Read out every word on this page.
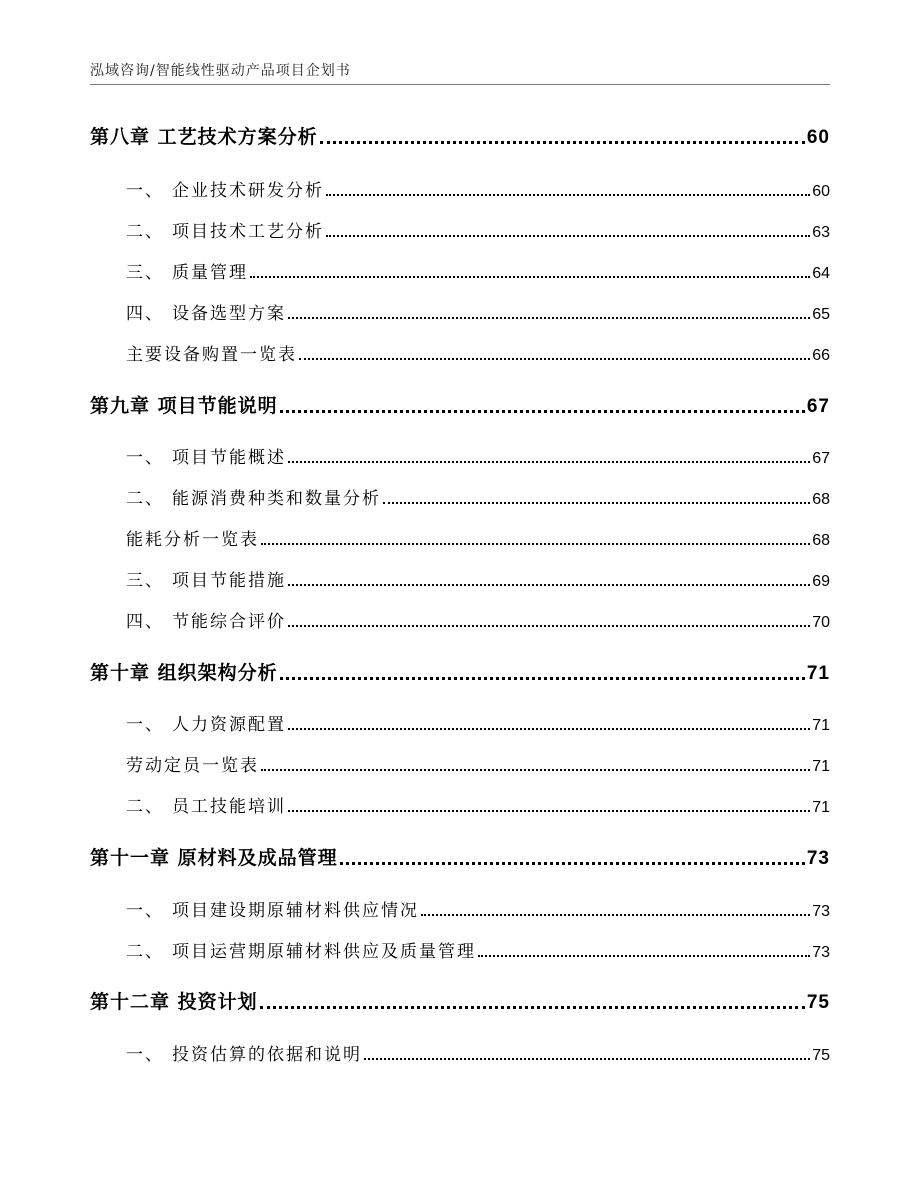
泓域咨询/智能线性驱动产品项目企划书
第八章 工艺技术方案分析	60
一、 企业技术研发分析	60
二、 项目技术工艺分析	63
三、 质量管理	64
四、 设备选型方案	65
主要设备购置一览表	66
第九章 项目节能说明	67
一、 项目节能概述	67
二、 能源消费种类和数量分析	68
能耗分析一览表	68
三、 项目节能措施	69
四、 节能综合评价	70
第十章 组织架构分析	71
一、 人力资源配置	71
劳动定员一览表	71
二、 员工技能培训	71
第十一章 原材料及成品管理	73
一、 项目建设期原辅材料供应情况	73
二、 项目运营期原辅材料供应及质量管理	73
第十二章 投资计划	75
一、 投资估算的依据和说明	75
